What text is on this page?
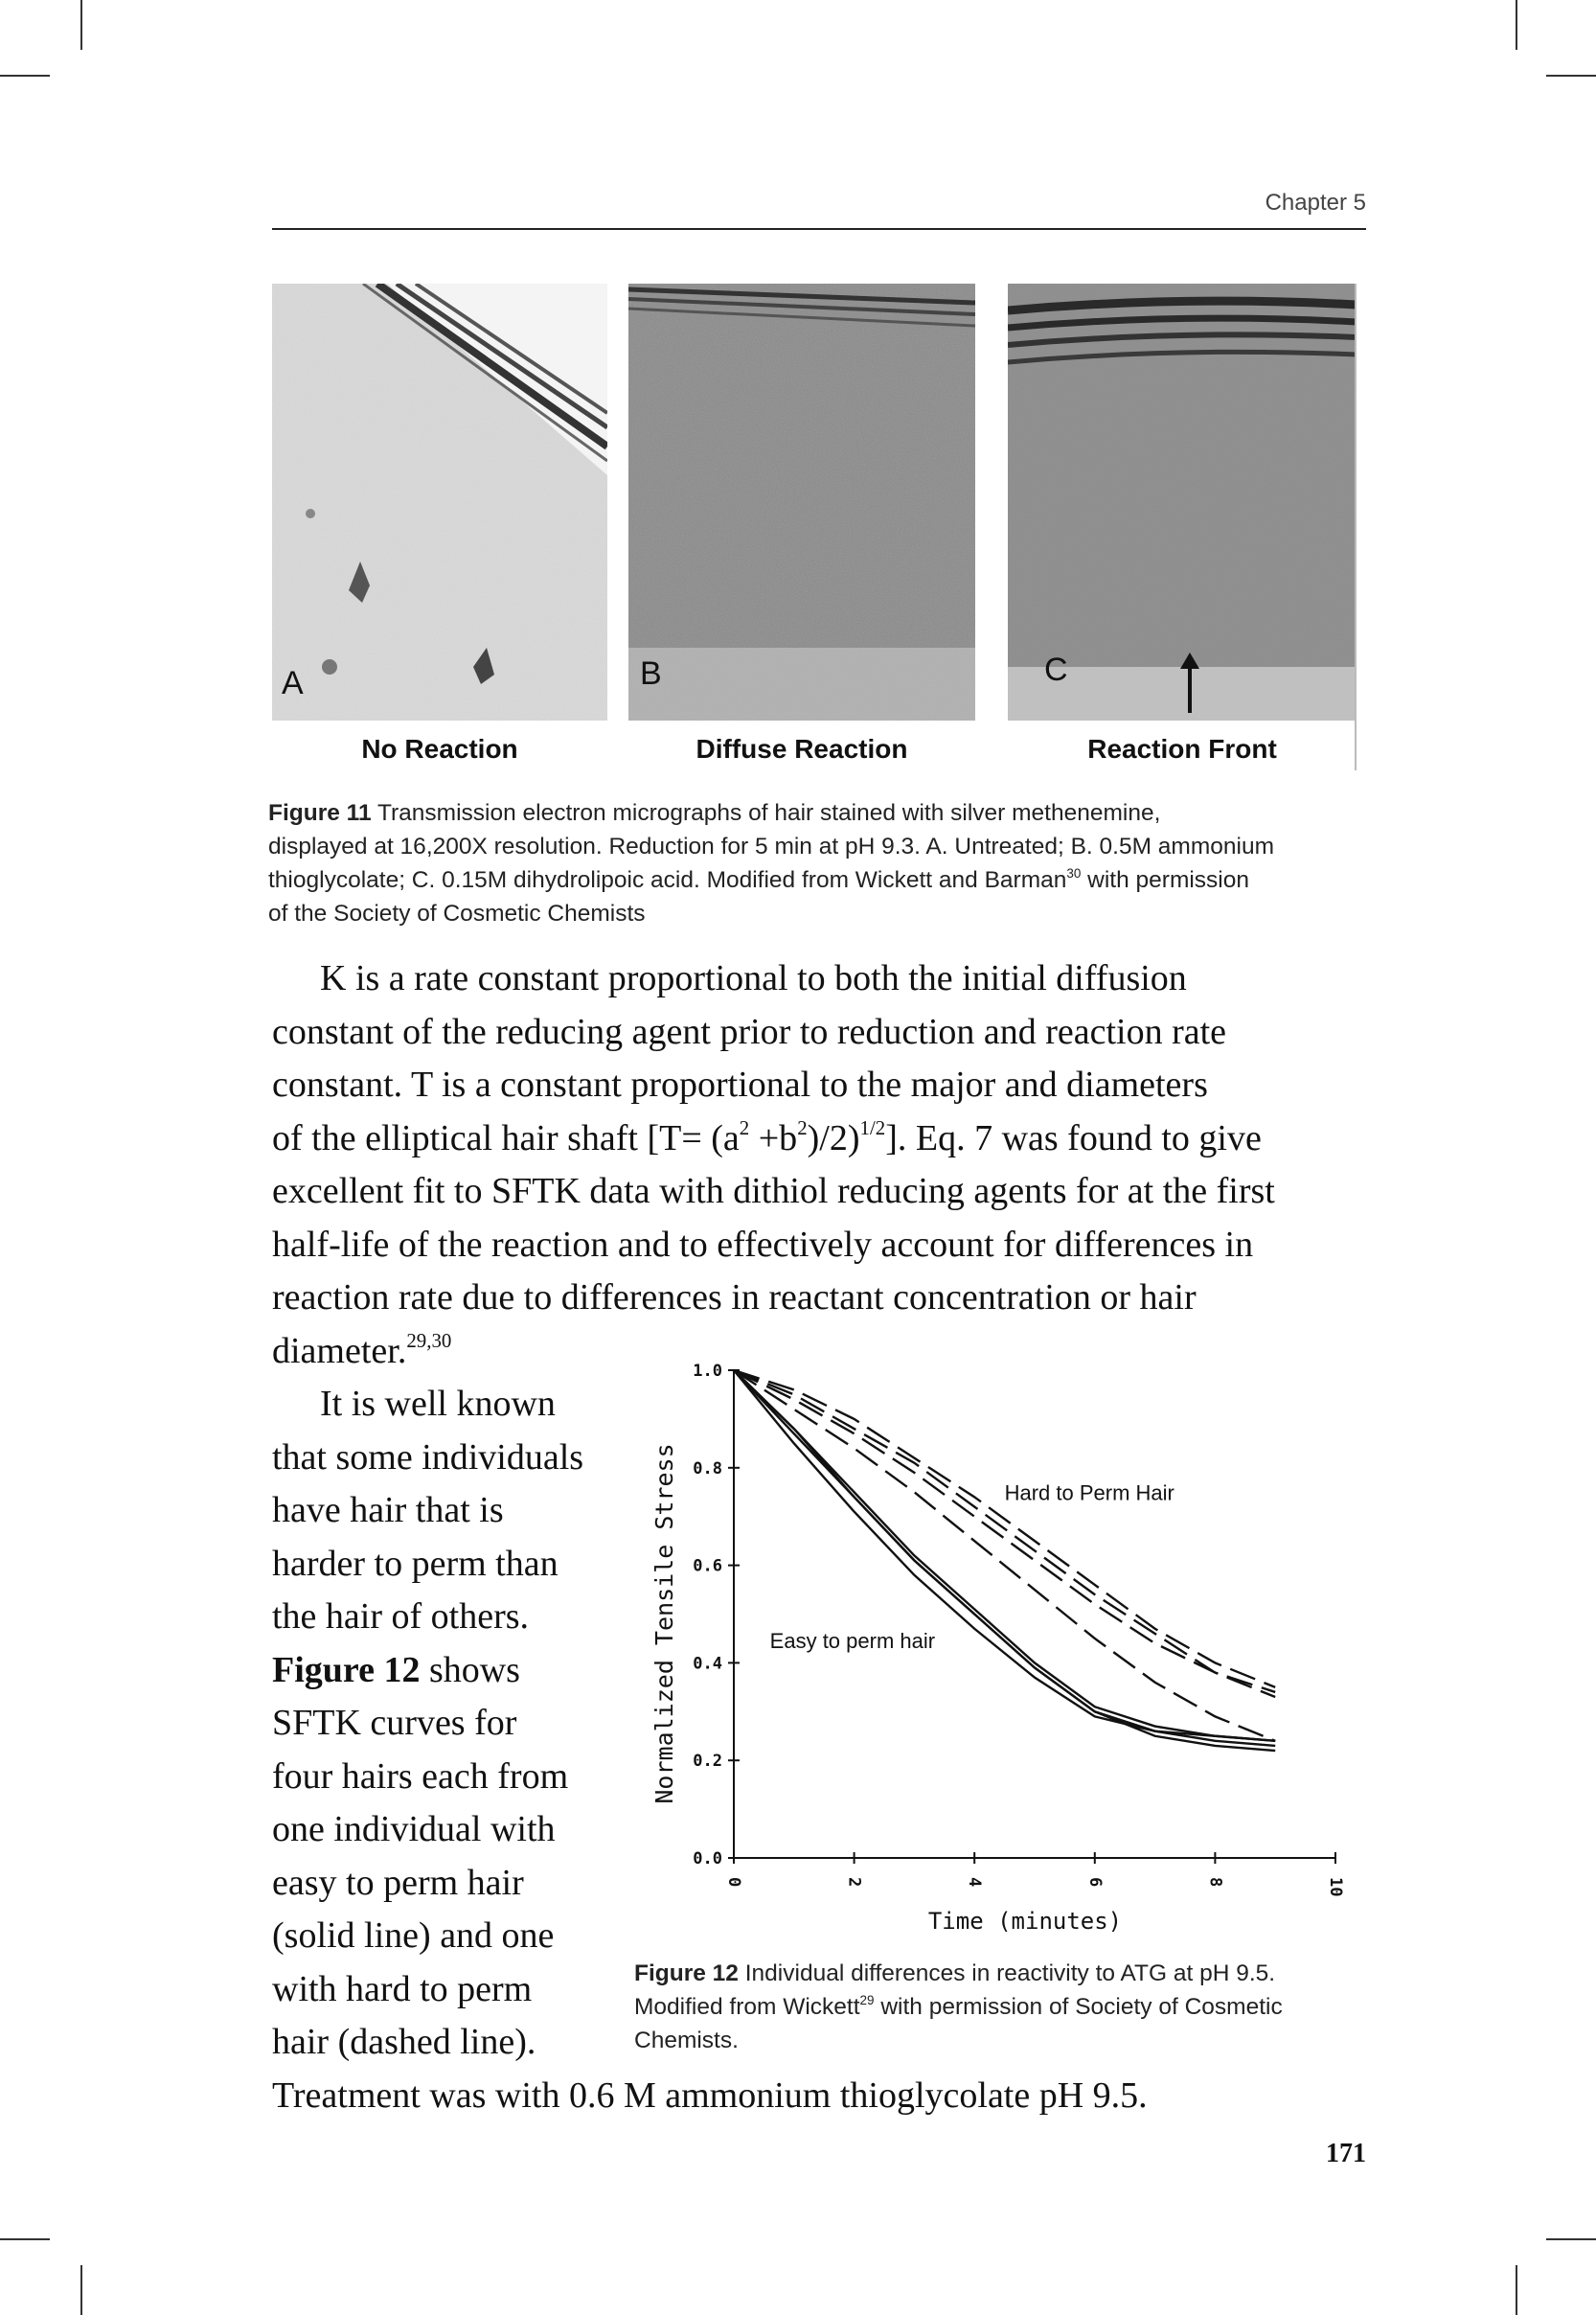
Chapter 5
A	B	C
No Reaction	Diffuse Reaction	Reaction Front
Figure 11 Transmission electron micrographs of hair stained with silver methenemine,
displayed at 16,200X resolution. Reduction for 5 min at pH 9.3. A. Untreated; B. 0.5M ammonium
thioglycolate; C. 0.15M dihydrolipoic acid. Modified from Wickett and Barman$^{30}$ with permission
of the Society of Cosmetic Chemists
K is a rate constant proportional to both the initial diffusion
constant of the reducing agent prior to reduction and reaction rate
constant. T is a constant proportional to the major and diameters
of the elliptical hair shaft $[T= (a^2 +b^2)/2)^{1/2}$]. Eq. 7 was found to give
excellent fit to SFTK data with dithiol reducing agents for at the first
half-life of the reaction and to effectively account for differences in
reaction rate due to differences in reactant concentration or hair
diameter.$^{29,30}$
It is well known
that some individuals
have hair that is
harder to perm than
the hair of others.
Figure 12 shows
SFTK curves for
four hairs each from
one individual with
easy to perm hair
(solid line) and one
with hard to perm
hair (dashed line).
Treatment was with 0.6 M ammonium thioglycolate pH 9.5.
0.0
0.2
0.4
0.6
0.8
1.0
0	2	4	6	8	10
Time (minutes)
Normalized Tensile Stress	Hard to Perm Hair
Easy to perm hair
Figure 12 Individual differences in reactivity to ATG at pH 9.5.
Modified from Wickett$^{29}$ with permission of Society of Cosmetic
Chemists.
171
